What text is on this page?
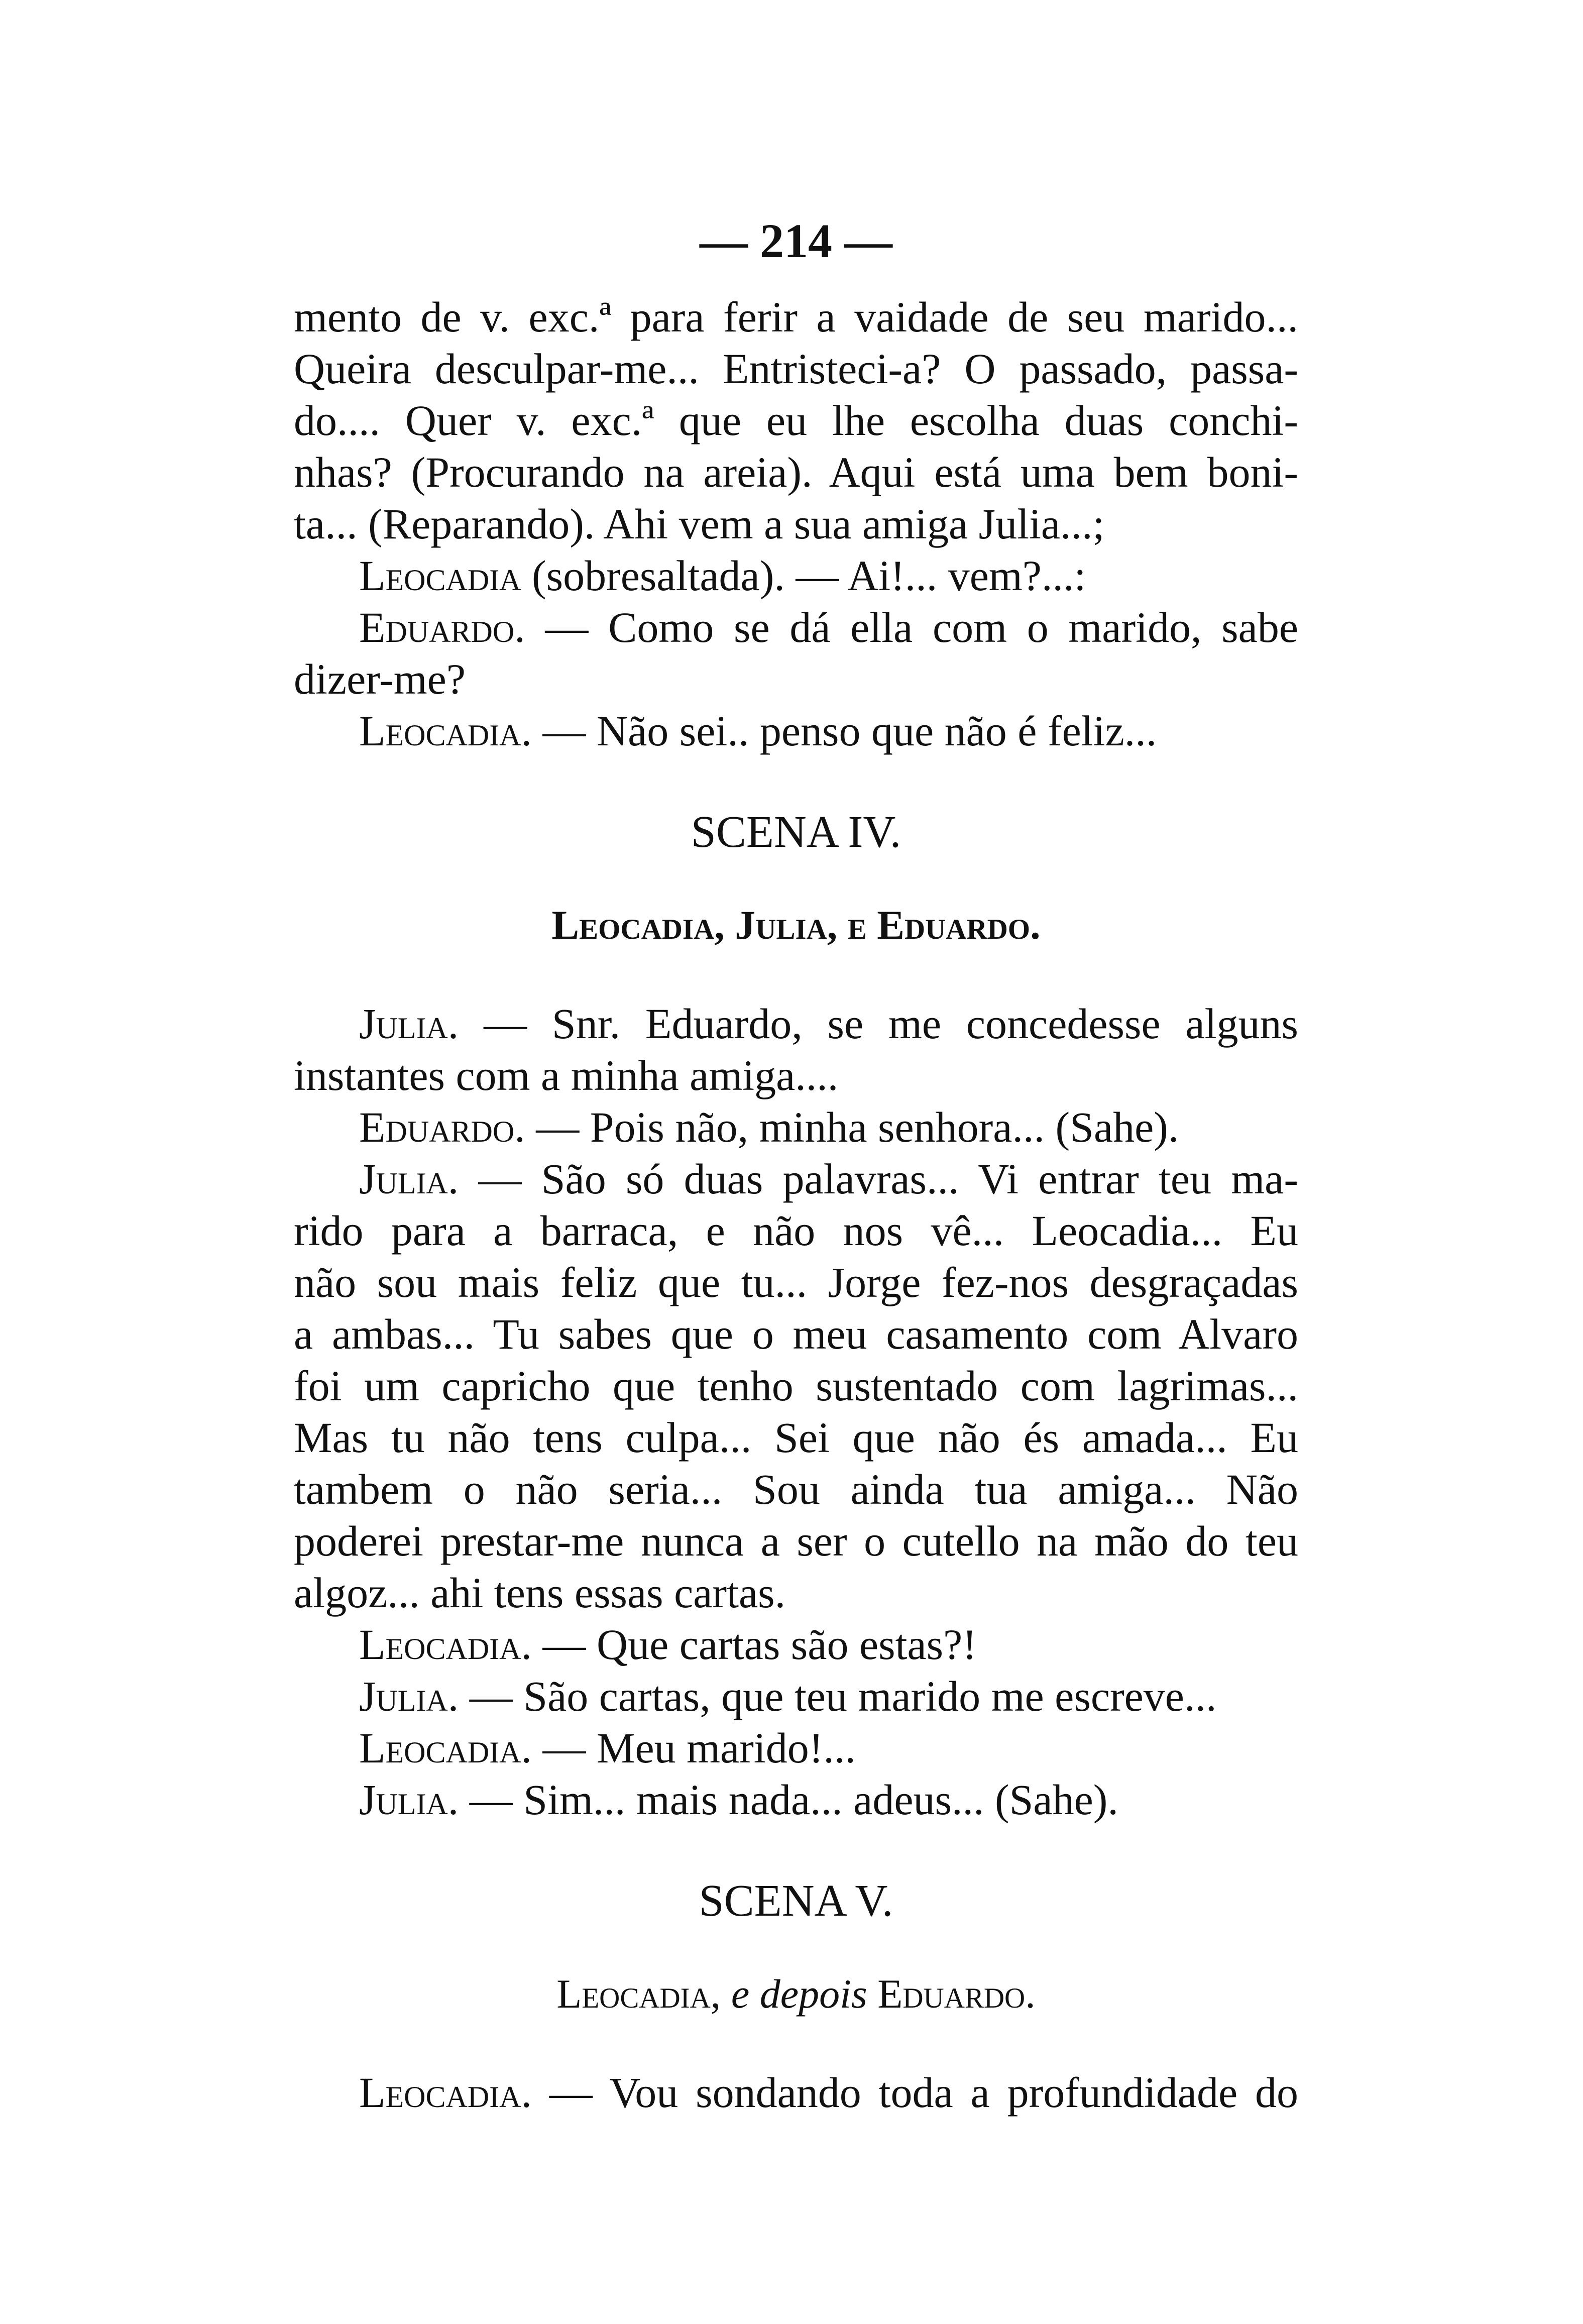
— 214 —
mento de v. exc.ª para ferir a vaidade de seu marido...
Queira desculpar-me... Entristeci-a? O passado, passa-
do.... Quer v. exc.ª que eu lhe escolha duas conchi-
nhas? (Procurando na areia). Aqui está uma bem boni-
ta... (Reparando). Ahi vem a sua amiga Julia...;
Leocadia (sobresaltada). — Ai!... vem?...:
Eduardo. — Como se dá ella com o marido, sabe
dizer-me?
Leocadia. — Não sei.. penso que não é feliz...
SCENA IV.
Leocadia, Julia, e Eduardo.
Julia. — Snr. Eduardo, se me concedesse alguns
instantes com a minha amiga....
Eduardo. — Pois não, minha senhora... (Sahe).
Julia. — São só duas palavras... Vi entrar teu ma-
rido para a barraca, e não nos vê... Leocadia... Eu
não sou mais feliz que tu... Jorge fez-nos desgraçadas
a ambas... Tu sabes que o meu casamento com Alvaro
foi um capricho que tenho sustentado com lagrimas...
Mas tu não tens culpa... Sei que não és amada... Eu
tambem o não seria... Sou ainda tua amiga... Não
poderei prestar-me nunca a ser o cutello na mão do teu
algoz... ahi tens essas cartas.
Leocadia. — Que cartas são estas?!
Julia. — São cartas, que teu marido me escreve...
Leocadia. — Meu marido!...
Julia. — Sim... mais nada... adeus... (Sahe).
SCENA V.
Leocadia, e depois Eduardo.
Leocadia. — Vou sondando toda a profundidade do
